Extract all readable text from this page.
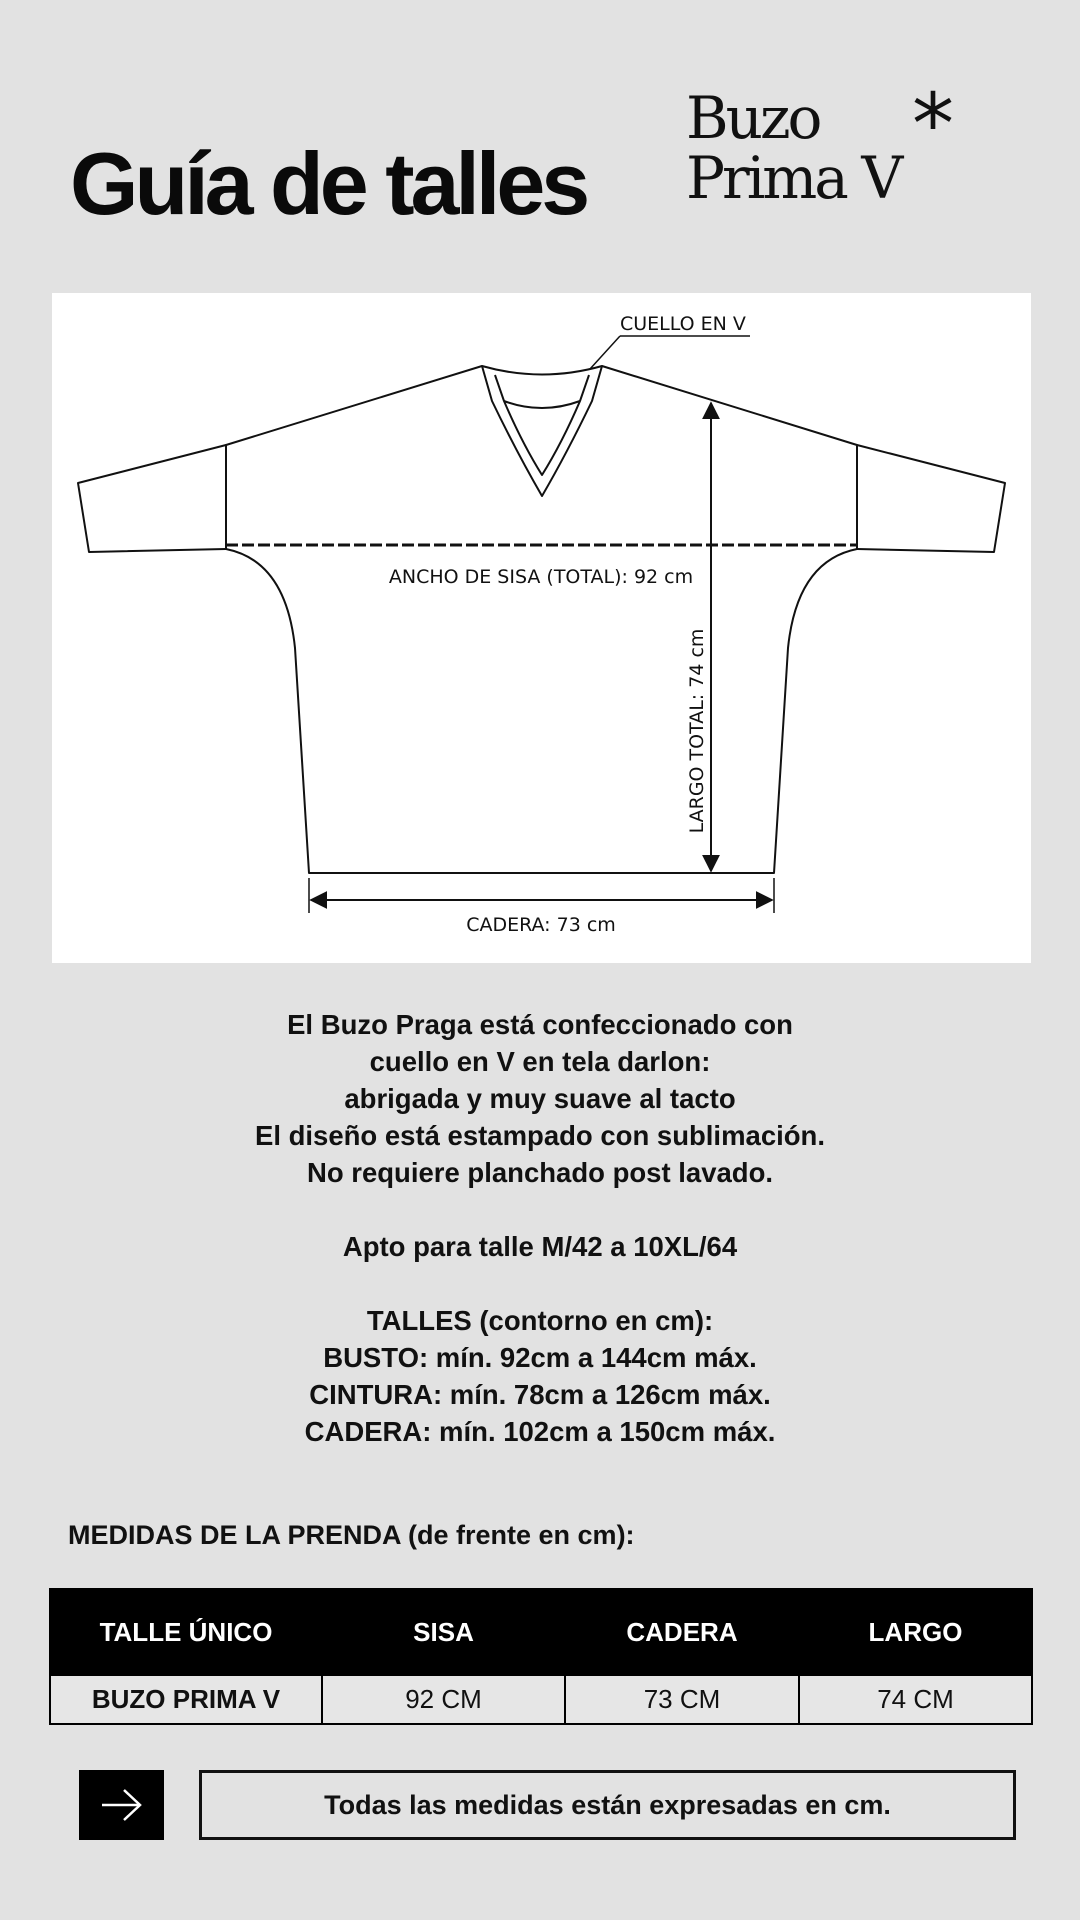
Guía de talles
Buzo
Prima V
*
CUELLO EN V
ANCHO DE SISA (TOTAL): 92 cm
LARGO TOTAL: 74 cm
CADERA: 73 cm
El Buzo Praga está confeccionado con
cuello en V en tela darlon:
abrigada y muy suave al tacto
El diseño está estampado con sublimación.
No requiere planchado post lavado.
Apto para talle M/42 a 10XL/64
TALLES (contorno en cm):
BUSTO: mín. 92cm a 144cm máx.
CINTURA: mín. 78cm a 126cm máx.
CADERA: mín. 102cm a 150cm máx.
MEDIDAS DE LA PRENDA (de frente en cm):
TALLE ÚNICO	SISA	CADERA	LARGO
BUZO PRIMA V	92 CM	73 CM	74 CM
Todas las medidas están expresadas en cm.
